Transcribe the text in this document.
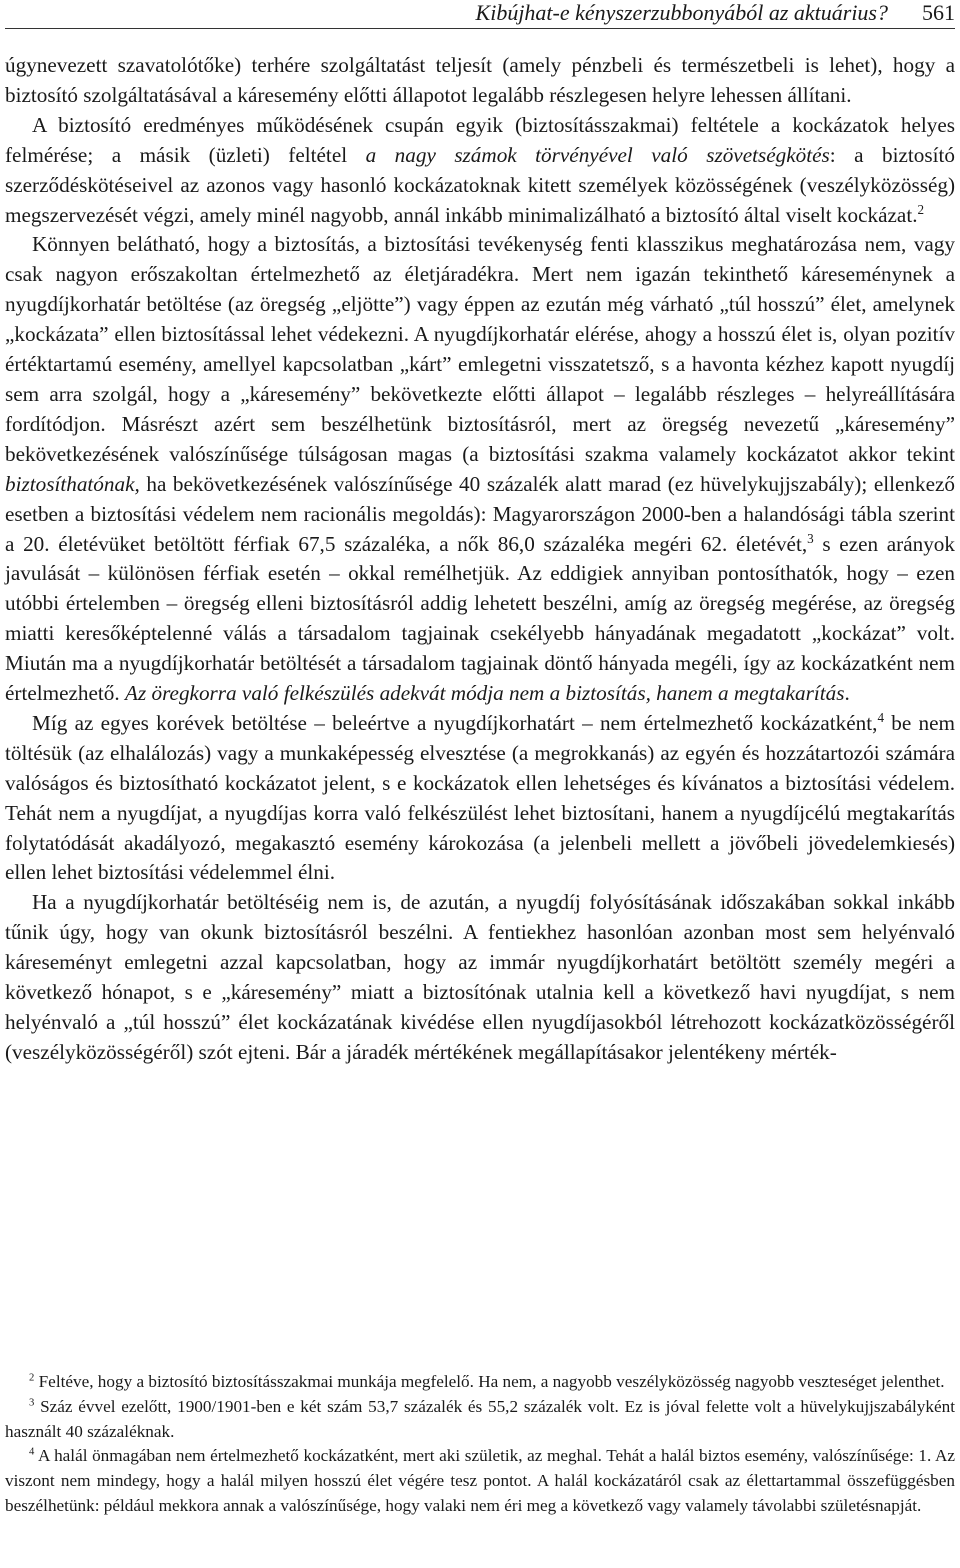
Kibújhat-e kényszerzubbonyából az aktuárius? 561

úgynevezett szavatolótőke) terhére szolgáltatást teljesít (amely pénzbeli és természetbeli is lehet), hogy a biztosító szolgáltatásával a káresemény előtti állapotot legalább részlegesen helyre lehessen állítani.

A biztosító eredményes működésének csupán egyik (biztosításszakmai) feltétele a kockázatok helyes felmérése; a másik (üzleti) feltétel a nagy számok törvényével való szövetségkötés: a biztosító szerződéskötéseivel az azonos vagy hasonló kockázatoknak kitett személyek közösségének (veszélyközösség) megszervezését végzi, amely minél nagyobb, annál inkább minimalizálható a biztosító által viselt kockázat.$^2$

Könnyen belátható, hogy a biztosítás, a biztosítási tevékenység fenti klasszikus meghatározása nem, vagy csak nagyon erőszakoltan értelmezhető az életjáradékra. Mert nem igazán tekinthető káreseménynek a nyugdíjkorhatár betöltése (az öregség „eljötte”) vagy éppen az ezután még várható „túl hosszú” élet, amelynek „kockázata” ellen biztosítással lehet védekezni. A nyugdíjkorhatár elérése, ahogy a hosszú élet is, olyan pozitív értéktartamú esemény, amellyel kapcsolatban „kárt” emlegetni visszatetsző, s a havonta kézhez kapott nyugdíj sem arra szolgál, hogy a „káresemény” bekövetkezte előtti állapot – legalább részleges – helyreállítására fordítódjon. Másrészt azért sem beszélhetünk biztosításról, mert az öregség nevezetű „káresemény” bekövetkezésének valószínűsége túlságosan magas (a biztosítási szakma valamely kockázatot akkor tekint biztosíthatónak, ha bekövetkezésének valószínűsége 40 százalék alatt marad (ez hüvelykujjszabály); ellenkező esetben a biztosítási védelem nem racionális megoldás): Magyarországon 2000-ben a halandósági tábla szerint a 20. életévüket betöltött férfiak 67,5 százaléka, a nők 86,0 százaléka megéri 62. életévét,$^3$ s ezen arányok javulását – különösen férfiak esetén – okkal remélhetjük. Az eddigiek annyiban pontosíthatók, hogy – ezen utóbbi értelemben – öregség elleni biztosításról addig lehetett beszélni, amíg az öregség megérése, az öregség miatti keresőképtelenné válás a társadalom tagjainak csekélyebb hányadának megadatott „kockázat” volt. Miután ma a nyugdíjkorhatár betöltését a társadalom tagjainak döntő hányada megéli, így az kockázatként nem értelmezhető. Az öregkorra való felkészülés adekvát módja nem a biztosítás, hanem a megtakarítás.

Míg az egyes korévek betöltése – beleértve a nyugdíjkorhatárt – nem értelmezhető kockázatként,$^4$ be nem töltésük (az elhalálozás) vagy a munkaképesség elvesztése (a megrokkanás) az egyén és hozzátartozói számára valóságos és biztosítható kockázatot jelent, s e kockázatok ellen lehetséges és kívánatos a biztosítási védelem. Tehát nem a nyugdíjat, a nyugdíjas korra való felkészülést lehet biztosítani, hanem a nyugdíjcélú megtakarítás folytatódását akadályozó, megakasztó esemény károkozása (a jelenbeli mellett a jövőbeli jövedelemkiesés) ellen lehet biztosítási védelemmel élni.

Ha a nyugdíjkorhatár betöltéséig nem is, de azután, a nyugdíj folyósításának időszakában sokkal inkább tűnik úgy, hogy van okunk biztosításról beszélni. A fentiekhez hasonlóan azonban most sem helyénvaló káreseményt emlegetni azzal kapcsolatban, hogy az immár nyugdíjkorhatárt betöltött személy megéri a következő hónapot, s e „káresemény” miatt a biztosítónak utalnia kell a következő havi nyugdíjat, s nem helyénvaló a „túl hosszú” élet kockázatának kivédése ellen nyugdíjasokból létrehozott kockázatközösségéről (veszélyközösségéről) szót ejteni. Bár a járadék mértékének megállapításakor jelentékeny mérték-

$^2$ Feltéve, hogy a biztosító biztosításszakmai munkája megfelelő. Ha nem, a nagyobb veszélyközösség nagyobb veszteséget jelenthet.

$^3$ Száz évvel ezelőtt, 1900/1901-ben e két szám 53,7 százalék és 55,2 százalék volt. Ez is jóval felette volt a hüvelykujjszabályként használt 40 százaléknak.

$^4$ A halál önmagában nem értelmezhető kockázatként, mert aki születik, az meghal. Tehát a halál biztos esemény, valószínűsége: 1. Az viszont nem mindegy, hogy a halál milyen hosszú élet végére tesz pontot. A halál kockázatáról csak az élettartammal összefüggésben beszélhetünk: például mekkora annak a valószínűsége, hogy valaki nem éri meg a következő vagy valamely távolabbi születésnapját.
